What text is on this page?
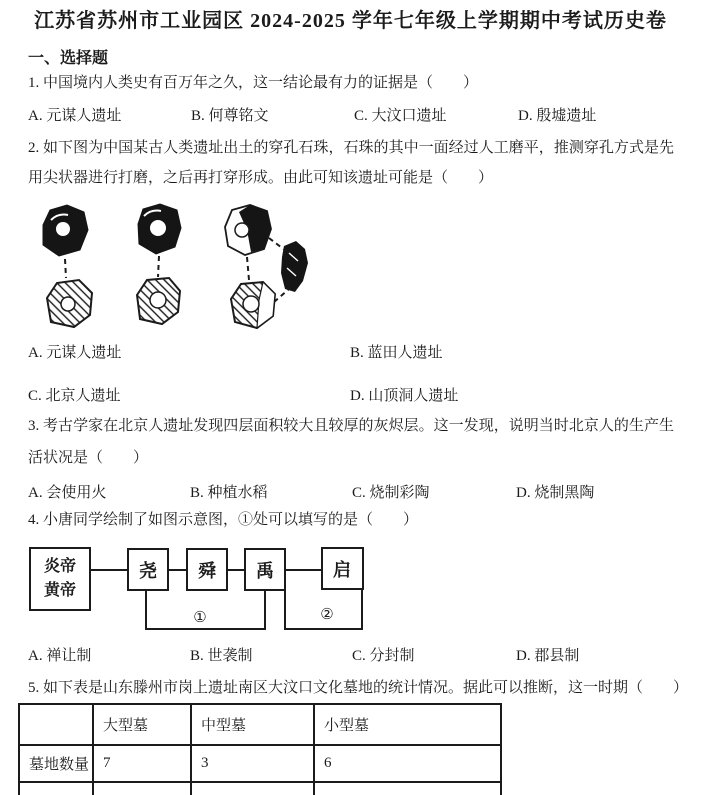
江苏省苏州市工业园区 2024-2025 学年七年级上学期期中考试历史卷
一、选择题
1. 中国境内人类史有百万年之久，这一结论最有力的证据是（　　）
A. 元谋人遗址	B. 何尊铭文	C. 大汶口遗址	D. 殷墟遗址
2. 如下图为中国某古人类遗址出土的穿孔石珠，石珠的其中一面经过人工磨平，推测穿孔方式是先用尖状器进行打磨，之后再打穿形成。由此可知该遗址可能是（　　）
A. 元谋人遗址	B. 蓝田人遗址
C. 北京人遗址	D. 山顶洞人遗址
3. 考古学家在北京人遗址发现四层面积较大且较厚的灰烬层。这一发现，说明当时北京人的生产生活状况是（　　）
A. 会使用火	B. 种植水稻	C. 烧制彩陶	D. 烧制黑陶
4. 小唐同学绘制了如图示意图，①处可以填写的是（　　）
炎帝
黄帝
尧 舜 禹	启
①	②
A. 禅让制	B. 世袭制	C. 分封制	D. 郡县制
5. 如下表是山东滕州市岗上遗址南区大汶口文化墓地的统计情况。据此可以推断，这一时期（　　）
	大型墓	中型墓	小型墓
墓地数量	7	3	6
